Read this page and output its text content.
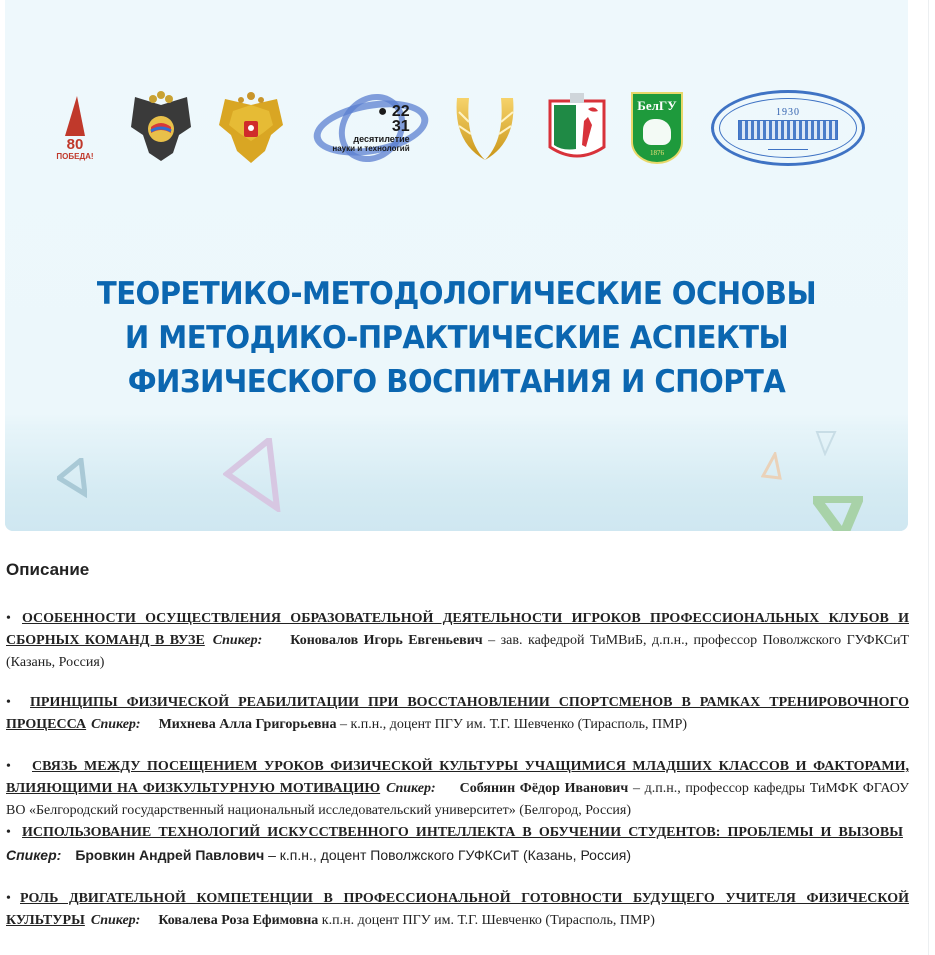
80
ПОБЕДА!
● 22
31
десятилетие
науки и технологий
БелГУ
1876
1930
ТЕОРЕТИКО-МЕТОДОЛОГИЧЕСКИЕ ОСНОВЫ
И МЕТОДИКО-ПРАКТИЧЕСКИЕ АСПЕКТЫ
ФИЗИЧЕСКОГО ВОСПИТАНИЯ И СПОРТА
Описание

• ОСОБЕННОСТИ ОСУЩЕСТВЛЕНИЯ ОБРАЗОВАТЕЛЬНОЙ ДЕЯТЕЛЬНОСТИ ИГРОКОВ ПРОФЕССИОНАЛЬНЫХ КЛУБОВ И СБОРНЫХ КОМАНД В ВУЗЕ Спикер: Коновалов Игорь Евгеньевич – зав. кафедрой ТиМВиБ, д.п.н., профессор Поволжского ГУФКСиТ (Казань, Россия)

• ПРИНЦИПЫ ФИЗИЧЕСКОЙ РЕАБИЛИТАЦИИ ПРИ ВОССТАНОВЛЕНИИ СПОРТСМЕНОВ В РАМКАХ ТРЕНИРОВОЧНОГО ПРОЦЕССА Спикер: Михнева Алла Григорьевна – к.п.н., доцент ПГУ им. Т.Г. Шевченко (Тирасполь, ПМР)

• СВЯЗЬ МЕЖДУ ПОСЕЩЕНИЕМ УРОКОВ ФИЗИЧЕСКОЙ КУЛЬТУРЫ УЧАЩИМИСЯ МЛАДШИХ КЛАССОВ И ФАКТОРАМИ, ВЛИЯЮЩИМИ НА ФИЗКУЛЬТУРНУЮ МОТИВАЦИЮ Спикер: Собянин Фёдор Иванович – д.п.н., профессор кафедры ТиМФК ФГАОУ ВО «Белгородский государственный национальный исследовательский университет» (Белгород, Россия)

• ИСПОЛЬЗОВАНИЕ ТЕХНОЛОГИЙ ИСКУССТВЕННОГО ИНТЕЛЛЕКТА В ОБУЧЕНИИ СТУДЕНТОВ: ПРОБЛЕМЫ И ВЫЗОВЫСпикер: Бровкин Андрей Павлович – к.п.н., доцент Поволжского ГУФКСиТ (Казань, Россия)

• РОЛЬ ДВИГАТЕЛЬНОЙ КОМПЕТЕНЦИИ В ПРОФЕССИОНАЛЬНОЙ ГОТОВНОСТИ БУДУЩЕГО УЧИТЕЛЯ ФИЗИЧЕСКОЙ КУЛЬТУРЫ Спикер: Ковалева Роза Ефимовна к.п.н. доцент ПГУ им. Т.Г. Шевченко (Тирасполь, ПМР)
